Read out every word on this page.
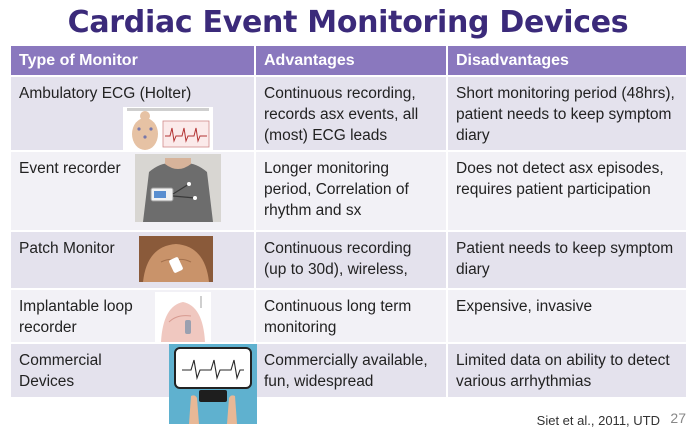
Cardiac Event Monitoring Devices
Type of Monitor	Advantages	Disadvantages

Ambulatory ECG (Holter)	Continuous recording, records asx events, all (most) ECG leads	Short monitoring period (48hrs), patient needs to keep symptom diary

Event recorder	Longer monitoring period, Correlation of rhythm and sx	Does not detect asx episodes, requires patient participation

Patch Monitor	Continuous recording (up to 30d), wireless,	Patient needs to keep symptom diary

Implantable loop recorder	Continuous long term monitoring	Expensive, invasive

Commercial Devices	Commercially available, fun, widespread	Limited data on ability to detect various arrhythmias
Siet et al., 2011, UTD 27
